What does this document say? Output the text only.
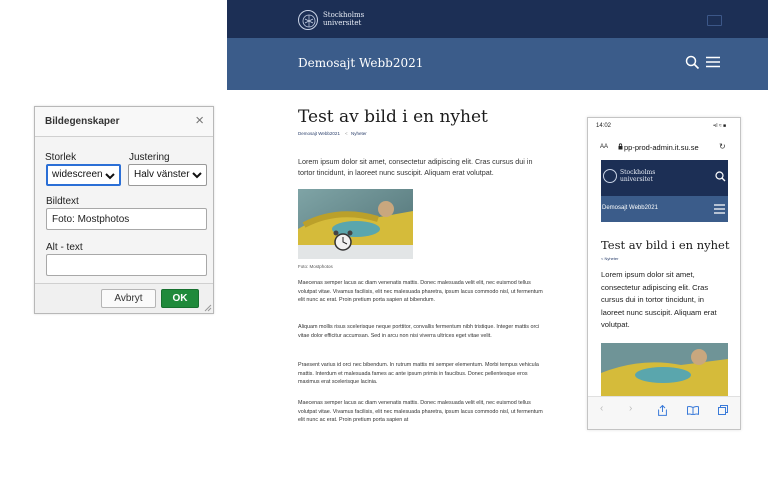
Bildegenskaper	×
Storlek	Justering
widescreen	Halv vänster
Bildtext
Foto: Mostphotos
Alt - text
Avbryt	OK
Stockholms
universitet
Demosajt Webb2021
Test av bild i en nyhet
Demosajt Webb2021 < Nyheter
Lorem ipsum dolor sit amet, consectetur adipiscing elit. Cras cursus dui in tortor tincidunt, in laoreet nunc suscipit. Aliquam erat volutpat.
Foto: Mostphotos
Maecenas semper lacus ac diam venenatis mattis. Donec malesuada velit elit, nec euismod tellus volutpat vitae. Vivamus facilisis, elit nec malesuada pharetra, ipsum lacus commodo nisl, ut fermentum elit nunc ac erat. Proin pretium porta sapien at bibendum.
Aliquam mollis risus scelerisque neque porttitor, convallis fermentum nibh tristique. Integer mattis orci vitae dolor efficitur accumsan. Sed in arcu non nisi viverra ultrices eget vitae velit.
Praesent varius id orci nec bibendum. In rutrum mattis mi semper elementum. Morbi tempus vehicula mattis. Interdum et malesuada fames ac ante ipsum primis in faucibus. Donec pellentesque eros maximus erat scelerisque lacinia.
Maecenas semper lacus ac diam venenatis mattis. Donec malesuada velit elit, nec euismod tellus volutpat vitae. Vivamus facilisis, elit nec malesuada pharetra, ipsum lacus commodo nisl, ut fermentum elit nunc ac erat. Proin pretium porta sapien at
14:02	•ıl ≈ ■
AA pp-prod-admin.it.su.se	↻
Stockholms
universitet
Demosajt Webb2021
Test av bild i en nyhet
< Nyheter
Lorem ipsum dolor sit amet, consectetur adipiscing elit. Cras cursus dui in tortor tincidunt, in laoreet nunc suscipit. Aliquam erat volutpat.
‹	›
